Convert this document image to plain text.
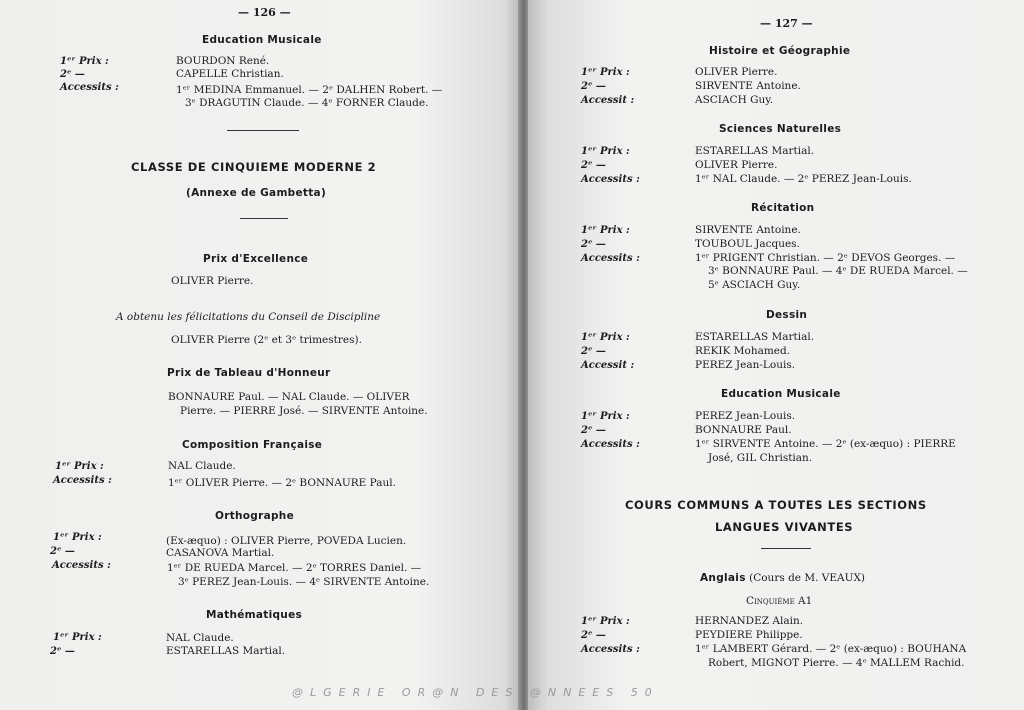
— 126 —
Education Musicale
1ᵉʳ Prix :	BOURDON René.
2ᵉ —	CAPELLE Christian.
Accessits :	1ᵉʳ MEDINA Emmanuel. — 2ᵉ DALHEN Robert. —
3ᵉ DRAGUTIN Claude. — 4ᵉ FORNER Claude.
CLASSE DE CINQUIEME MODERNE 2
(Annexe de Gambetta)
Prix d'Excellence
OLIVER Pierre.
A obtenu les félicitations du Conseil de Discipline
OLIVER Pierre (2ᵉ et 3ᵉ trimestres).
Prix de Tableau d'Honneur
BONNAURE Paul. — NAL Claude. — OLIVER
Pierre. — PIERRE José. — SIRVENTE Antoine.
Composition Française
1ᵉʳ Prix :	NAL Claude.
Accessits :	1ᵉʳ OLIVER Pierre. — 2ᵉ BONNAURE Paul.
Orthographe
1ᵉʳ Prix :	(Ex-æquo) : OLIVER Pierre, POVEDA Lucien.
2ᵉ —	CASANOVA Martial.
Accessits :	1ᵉʳ DE RUEDA Marcel. — 2ᵉ TORRES Daniel. —
3ᵉ PEREZ Jean-Louis. — 4ᵉ SIRVENTE Antoine.
Mathématiques
1ᵉʳ Prix :	NAL Claude.
2ᵉ —	ESTARELLAS Martial.
— 127 —
Histoire et Géographie
1ᵉʳ Prix :	OLIVER Pierre.
2ᵉ —	SIRVENTE Antoine.
Accessit :	ASCIACH Guy.
Sciences Naturelles
1ᵉʳ Prix :	ESTARELLAS Martial.
2ᵉ —	OLIVER Pierre.
Accessits :	1ᵉʳ NAL Claude. — 2ᵉ PEREZ Jean-Louis.
Récitation
1ᵉʳ Prix :	SIRVENTE Antoine.
2ᵉ —	TOUBOUL Jacques.
Accessits :	1ᵉʳ PRIGENT Christian. — 2ᵉ DEVOS Georges. —
3ᵉ BONNAURE Paul. — 4ᵉ DE RUEDA Marcel. —
5ᵉ ASCIACH Guy.
Dessin
1ᵉʳ Prix :	ESTARELLAS Martial.
2ᵉ —	REKIK Mohamed.
Accessit :	PEREZ Jean-Louis.
Education Musicale
1ᵉʳ Prix :	PEREZ Jean-Louis.
2ᵉ —	BONNAURE Paul.
Accessits :	1ᵉʳ SIRVENTE Antoine. — 2ᵉ (ex-æquo) : PIERRE
José, GIL Christian.
COURS COMMUNS A TOUTES LES SECTIONS
LANGUES VIVANTES
Anglais (Cours de M. VEAUX)
Cinquième A1
1ᵉʳ Prix :	HERNANDEZ Alain.
2ᵉ —	PEYDIERE Philippe.
Accessits :	1ᵉʳ LAMBERT Gérard. — 2ᵉ (ex-æquo) : BOUHANA
Robert, MIGNOT Pierre. — 4ᵉ MALLEM Rachid.
@LGERIE OR@N DES @NNEES 50
